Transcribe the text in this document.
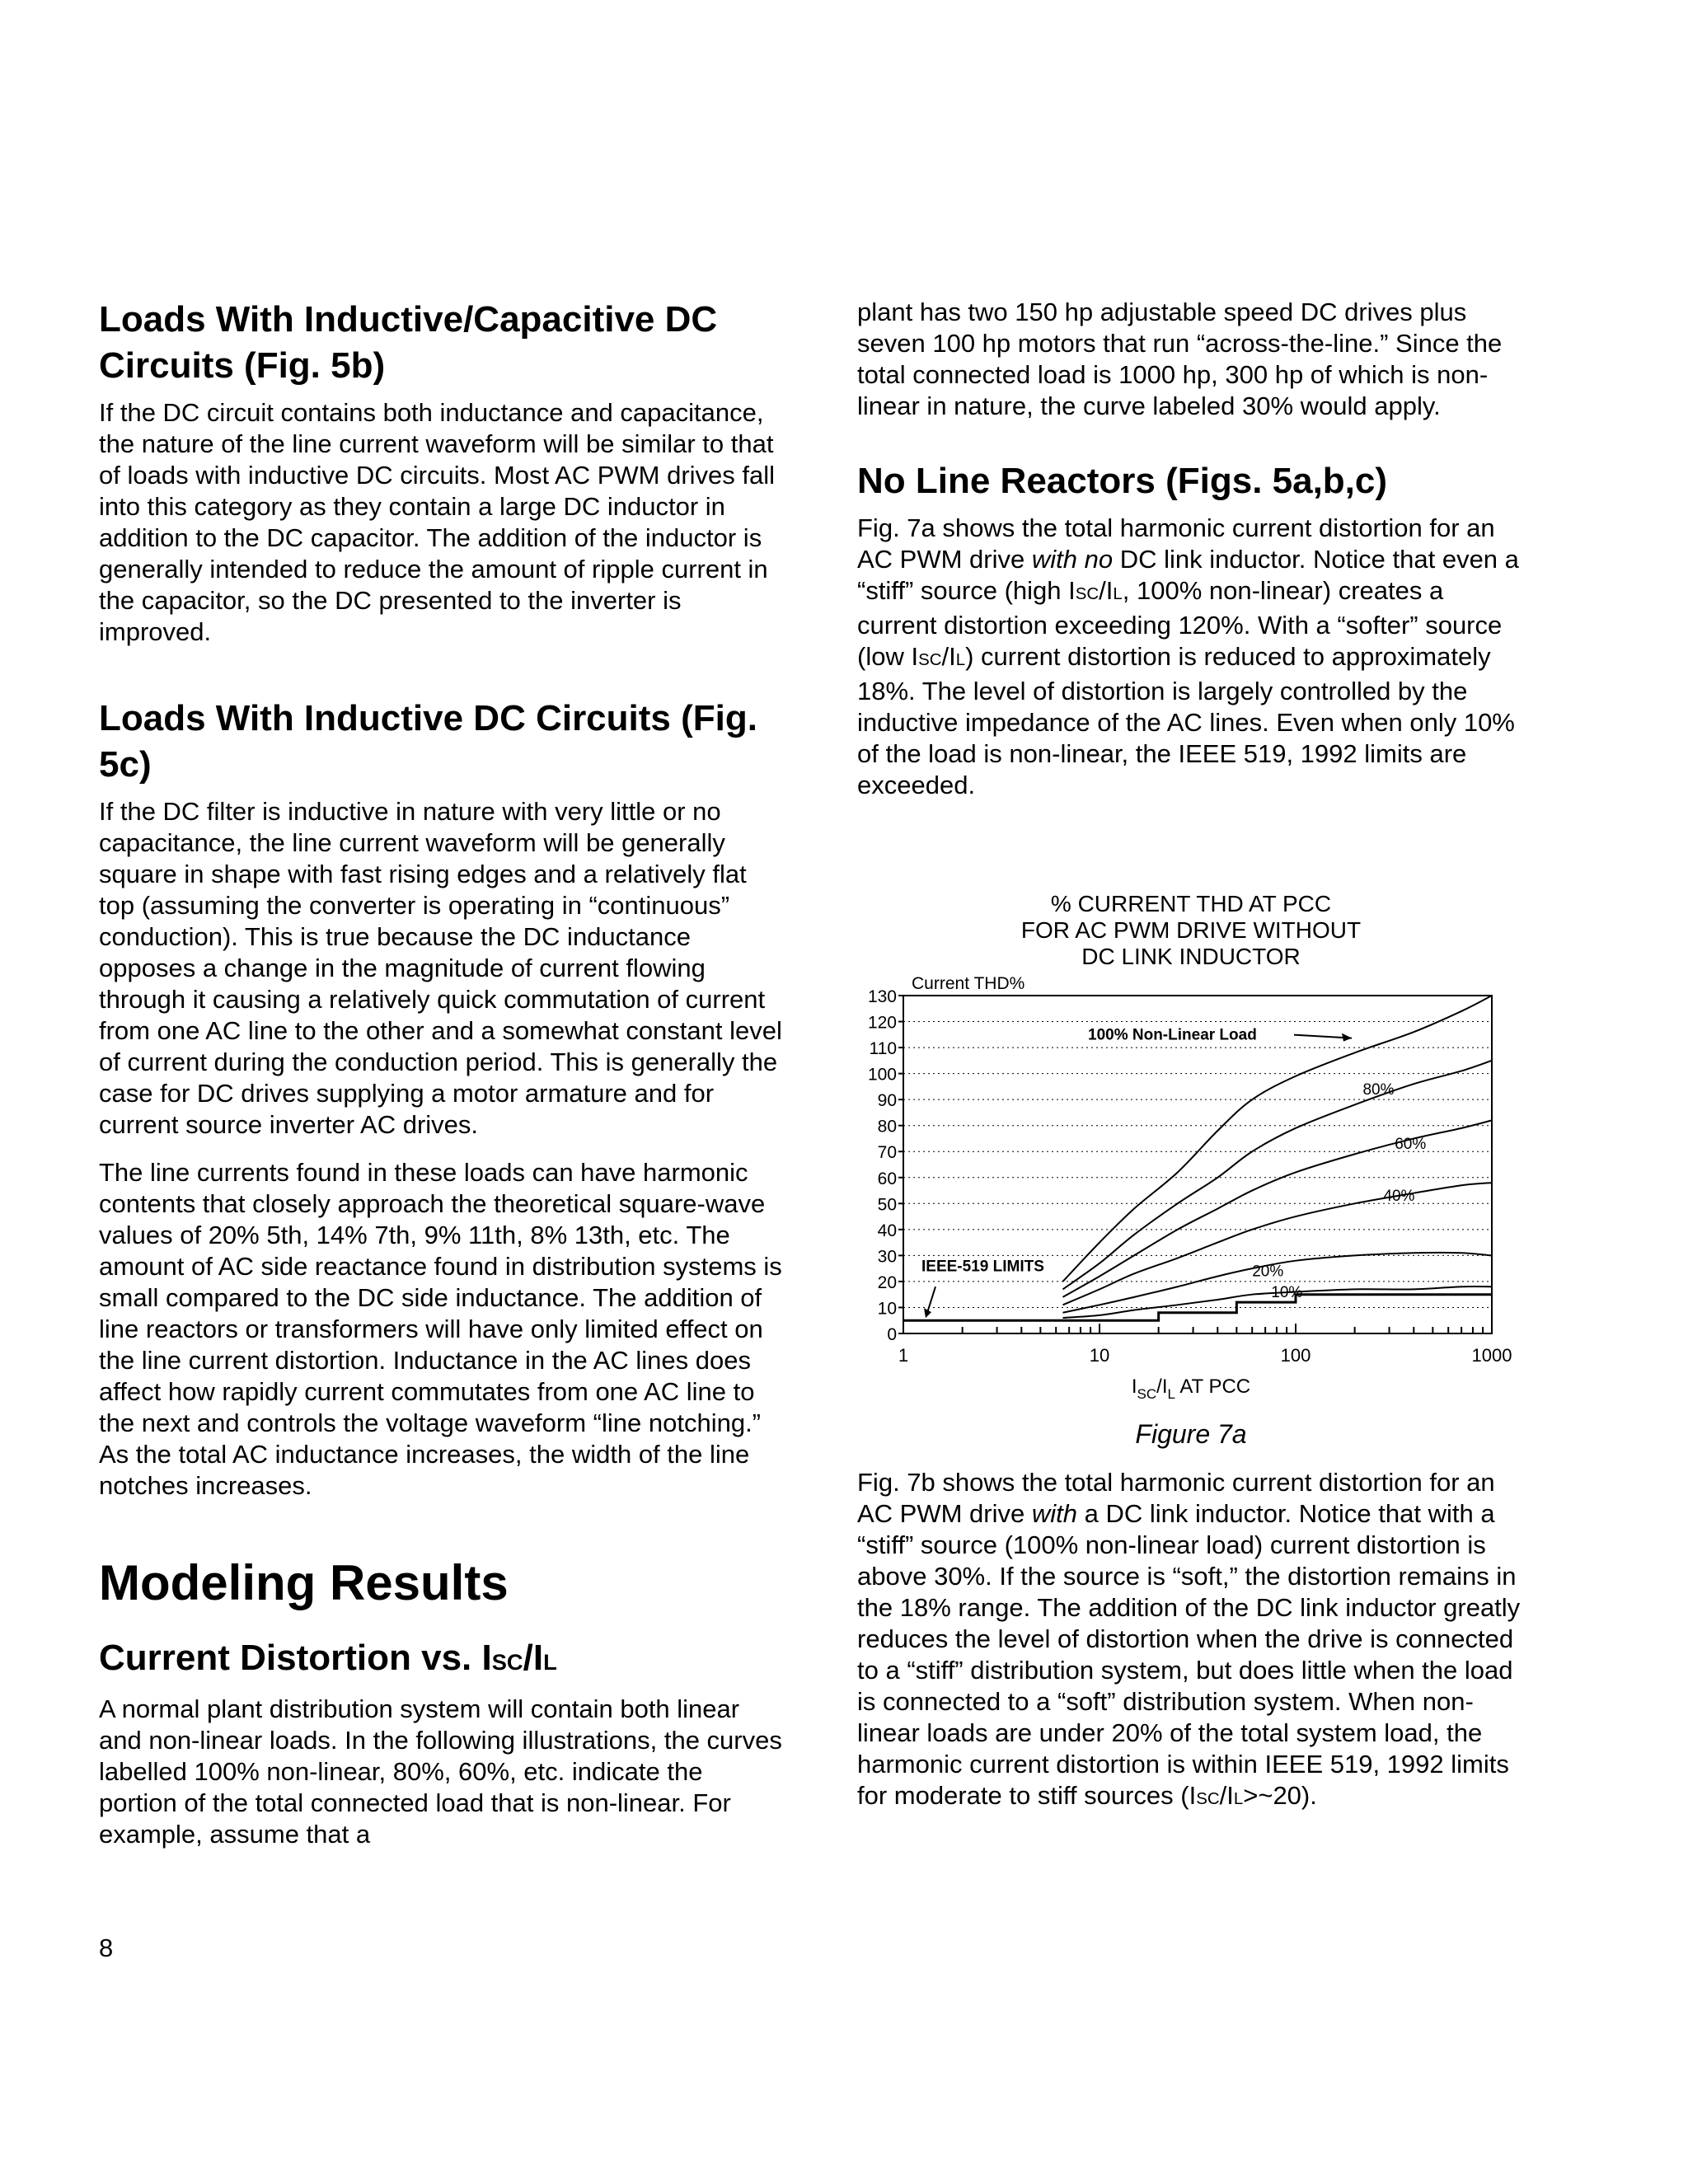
Loads With Inductive/Capacitive DC Circuits (Fig. 5b)

If the DC circuit contains both inductance and capacitance, the nature of the line current waveform will be similar to that of loads with inductive DC circuits. Most AC PWM drives fall into this category as they contain a large DC inductor in addition to the DC capacitor. The addition of the inductor is generally intended to reduce the amount of ripple current in the capacitor, so the DC presented to the inverter is improved.

Loads With Inductive DC Circuits (Fig. 5c)

If the DC filter is inductive in nature with very little or no capacitance, the line current waveform will be generally square in shape with fast rising edges and a relatively flat top (assuming the converter is operating in “continuous” conduction). This is true because the DC inductance opposes a change in the magnitude of current flowing through it causing a relatively quick commutation of current from one AC line to the other and a somewhat constant level of current during the conduction period. This is generally the case for DC drives supplying a motor armature and for current source inverter AC drives.

The line currents found in these loads can have harmonic contents that closely approach the theoretical square-wave values of 20% 5th, 14% 7th, 9% 11th, 8% 13th, etc. The amount of AC side reactance found in distribution systems is small compared to the DC side inductance. The addition of line reactors or transformers will have only limited effect on the line current distortion. Inductance in the AC lines does affect how rapidly current commutates from one AC line to the next and controls the voltage waveform “line notching.” As the total AC inductance increases, the width of the line notches increases.

Modeling Results
Current Distortion vs. ISC/IL

A normal plant distribution system will contain both linear and non-linear loads. In the following illustrations, the curves labelled 100% non-linear, 80%, 60%, etc. indicate the portion of the total connected load that is non-linear. For example, assume that a

8

plant has two 150 hp adjustable speed DC drives plus seven 100 hp motors that run “across-the-line.” Since the total connected load is 1000 hp, 300 hp of which is non-linear in nature, the curve labeled 30% would apply.

No Line Reactors (Figs. 5a,b,c)

Fig. 7a shows the total harmonic current distortion for an AC PWM drive with no DC link inductor. Notice that even a “stiff” source (high ISC/IL, 100% non-linear) creates a current distortion exceeding 120%. With a “softer” source (low ISC/IL) current distortion is reduced to approximately 18%. The level of distortion is largely controlled by the inductive impedance of the AC lines. Even when only 10% of the load is non-linear, the IEEE 519, 1992 limits are exceeded.

% CURRENT THD AT PCC
FOR AC PWM DRIVE WITHOUT
DC LINK INDUCTOR
Current THD%
0
10
20
30
40
50
60
70
80
90
100
110
120
130
1	10	100	1000
$I_{SC}/I_L$ AT PCC
100% Non-Linear Load
80%
60%
40%
20%
10%
IEEE-519 LIMITS
Figure 7a

Fig. 7b shows the total harmonic current distortion for an AC PWM drive with a DC link inductor. Notice that with a “stiff” source (100% non-linear load) current distortion is above 30%. If the source is “soft,” the distortion remains in the 18% range. The addition of the DC link inductor greatly reduces the level of distortion when the drive is connected to a “stiff” distribution system, but does little when the load is connected to a “soft” distribution system. When non-linear loads are under 20% of the total system load, the harmonic current distortion is within IEEE 519, 1992 limits for moderate to stiff sources (ISC/IL>~20).
